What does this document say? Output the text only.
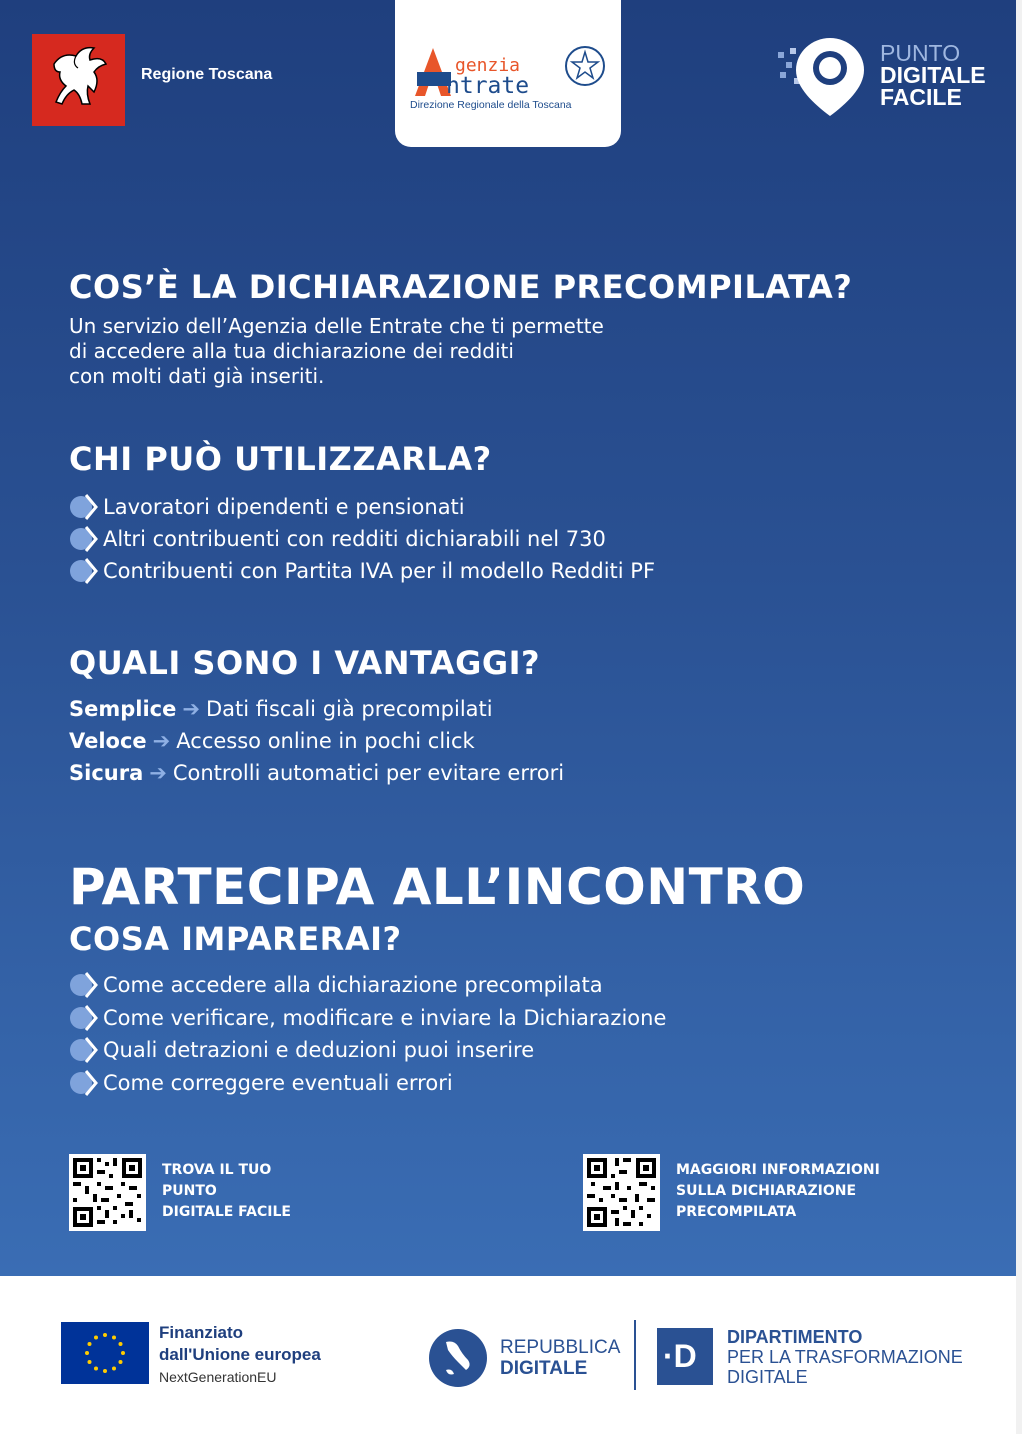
Regione Toscana	genzia
ntrate
Direzione Regionale della Toscana
PUNTO
DIGITALE
FACILE
COS’È LA DICHIARAZIONE PRECOMPILATA?
Un servizio dell’Agenzia delle Entrate che ti permette
di accedere alla tua dichiarazione dei redditi
con molti dati già inseriti.
CHI PUÒ UTILIZZARLA?
Lavoratori dipendenti e pensionati
Altri contribuenti con redditi dichiarabili nel 730
Contribuenti con Partita IVA per il modello Redditi PF
QUALI SONO I VANTAGGI?
Semplice ➔ Dati fiscali già precompilati
Veloce ➔ Accesso online in pochi click
Sicura ➔ Controlli automatici per evitare errori
PARTECIPA ALL’INCONTRO
COSA IMPARERAI?
Come accedere alla dichiarazione precompilata
Come verificare, modificare e inviare la Dichiarazione
Quali detrazioni e deduzioni puoi inserire
Come correggere eventuali errori
TROVA IL TUO
PUNTO
DIGITALE FACILE
MAGGIORI INFORMAZIONI
SULLA DICHIARAZIONE
PRECOMPILATA
Finanziato
dall'Unione europea
NextGenerationEU
REPUBBLICA
DIGITALE	·D
DIPARTIMENTO
PER LA TRASFORMAZIONE
DIGITALE
